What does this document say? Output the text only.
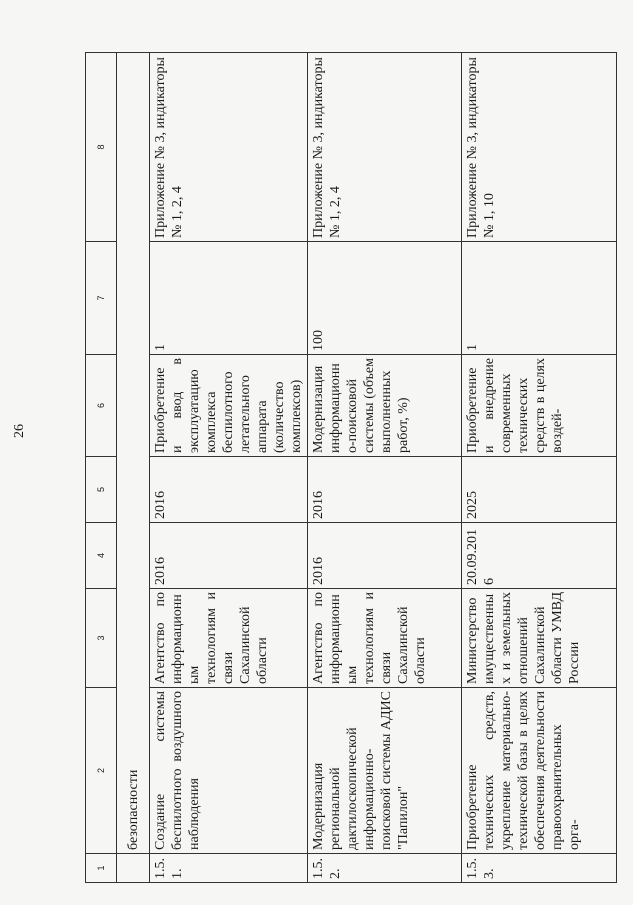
26
1	2	3	4	5	6	7	8
	безопасности						
1.5.1.	Создание системы беспилотного воздушного наблюдения	Агентство по информационным технологиям и связи Сахалинской области	2016	2016	Приобретение и ввод в эксплуатацию комплекса беспилотного летательного аппарата (количество комплексов)	1	Приложение № 3, индикаторы № 1, 2, 4
1.5.2.	Модернизация региональной дактилоскопической информационно-поисковой системы АДИС "Папилон"	Агентство по информационным технологиям и связи Сахалинской области	2016	2016	Модернизация информационно-поисковой системы (объем выполненных работ, %)	100	Приложение № 3, индикаторы № 1, 2, 4
1.5.3.	Приобретение технических средств, укрепление материально-технической базы в целях обеспечения деятельности правоохранительных орга-	Министерство имущественных и земельных отношений Сахалинской области УМВД России	20.09.2016	2025	Приобретение и внедрение современных технических средств в целях воздей-	1	Приложение № 3, индикаторы № 1, 10
